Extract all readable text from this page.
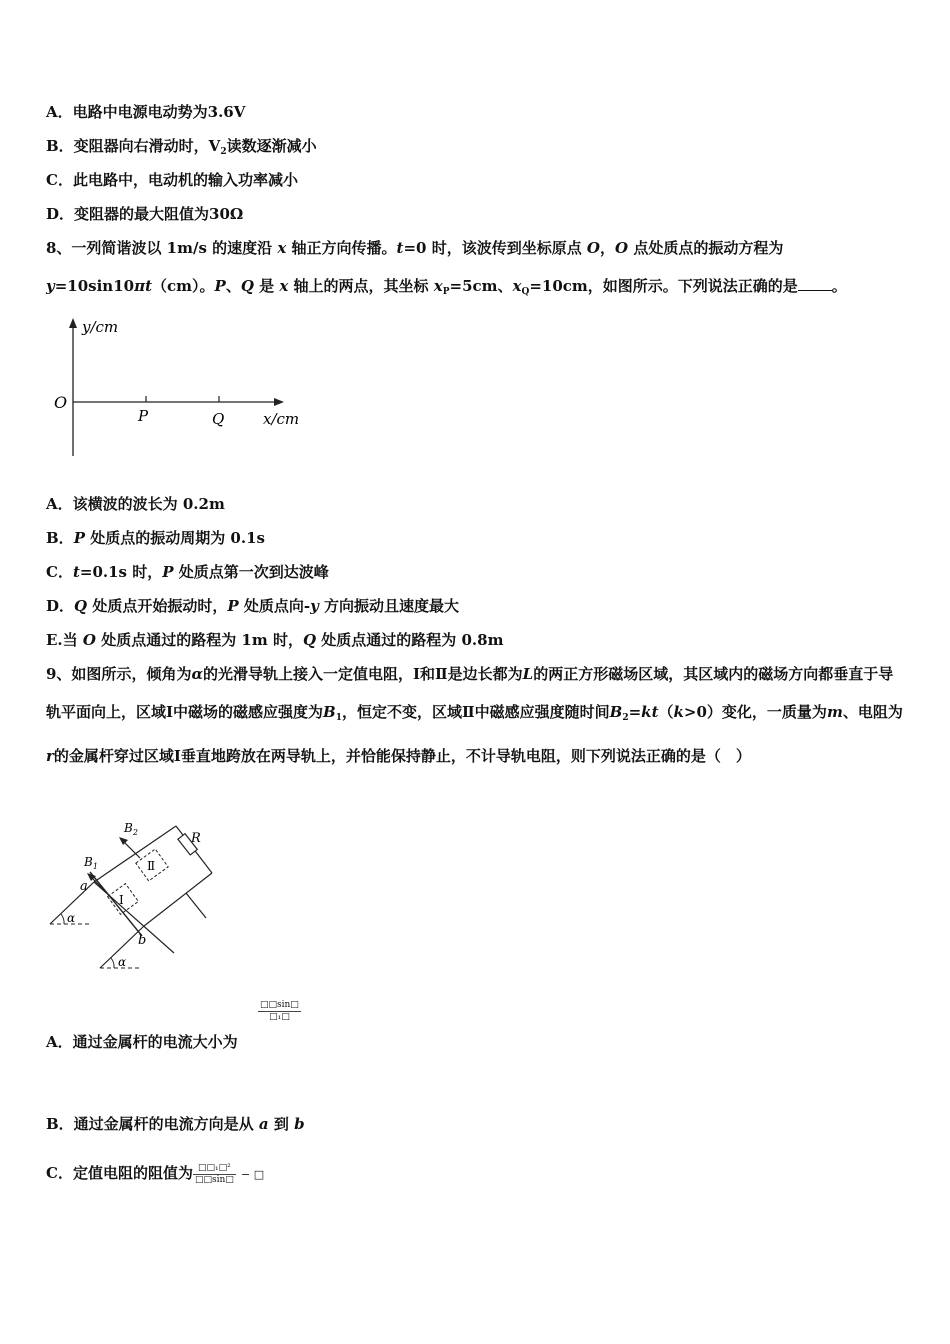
A．电路中电源电动势为3.6V
B．变阻器向右滑动时，$V_2$读数逐渐减小
C．此电路中，电动机的输入功率减小
D．变阻器的最大阻值为30Ω
8、一列简谐波以 1m/s 的速度沿 x 轴正方向传播。t=0 时，该波传到坐标原点 O，O 点处质点的振动方程为
y=10sin10πt（cm）。P、Q 是 x 轴上的两点，其坐标 $x_P=5cm$、$x_Q=10cm$，如图所示。下列说法正确的是 。
y/cm
O
P	Q	x/cm
A．该横波的波长为 0.2m
B．P 处质点的振动周期为 0.1s
C．t=0.1s 时，P 处质点第一次到达波峰
D．Q 处质点开始振动时，P 处质点向-y 方向振动且速度最大
E.当 O 处质点通过的路程为 1m 时，Q 处质点通过的路程为 0.8m
9、如图所示，倾角为α的光滑导轨上接入一定值电阻，Ⅰ和Ⅱ是边长都为L的两正方形磁场区域，其区域内的磁场方向都垂直于导轨平面向上，区域Ⅰ中磁场的磁感应强度为$B_1$，恒定不变，区域Ⅱ中磁感应强度随时间$B_2=kt(k>0)$变化，一质量为m、电阻为r的金属杆穿过区域Ⅰ垂直地跨放在两导轨上，并恰能保持静止，不计导轨电阻，则下列说法正确的是（　）
α
α
R
Ⅱ
Ⅰ
a
b
$B_2$
$B_1$
□□sin□
□₁□
A．通过金属杆的电流大小为
B．通过金属杆的电流方向是从 a 到 b
C．定值电阻的阻值为 $\frac{\text{□□₁□²}}{□□\sin□}$ − □
